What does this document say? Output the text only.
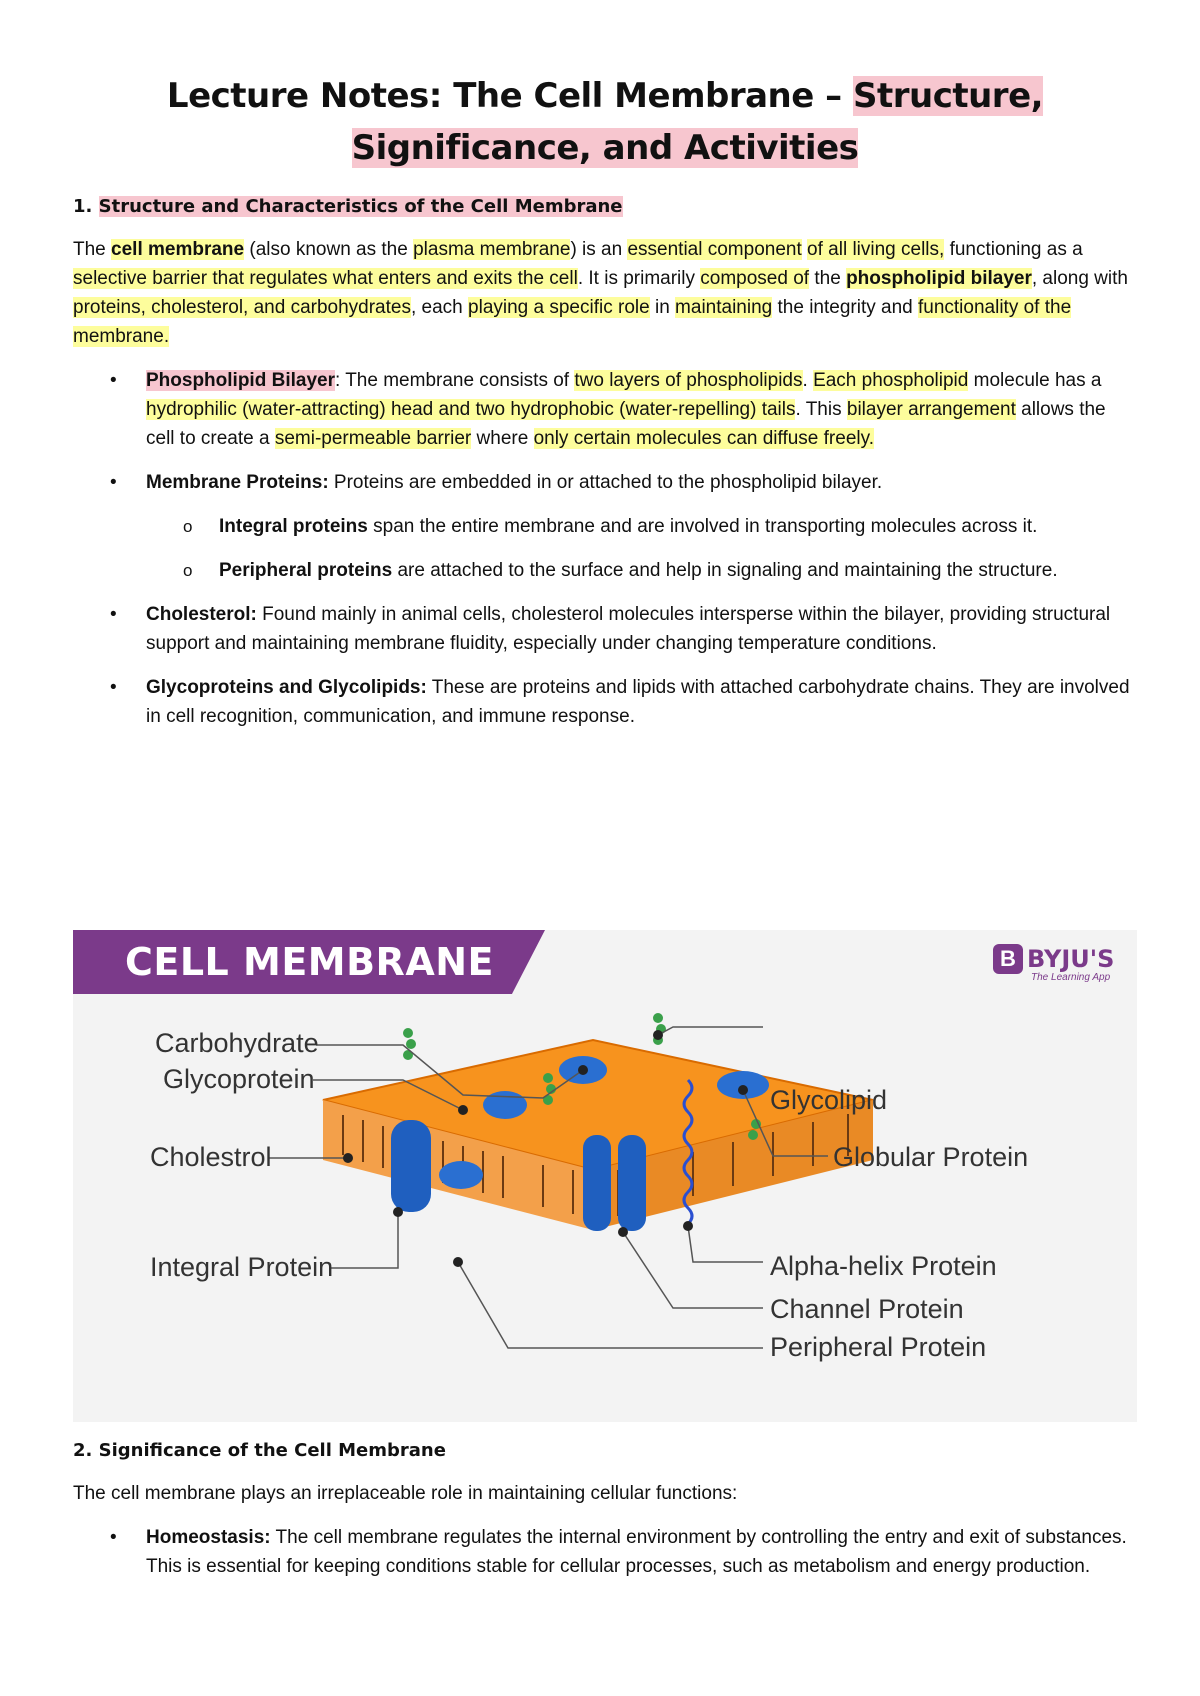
Lecture Notes: The Cell Membrane – Structure,
Significance, and Activities
1. Structure and Characteristics of the Cell Membrane

The cell membrane (also known as the plasma membrane) is an essential component of all living cells, functioning as a selective barrier that regulates what enters and exits the cell. It is primarily composed of the phospholipid bilayer, along with proteins, cholesterol, and carbohydrates, each playing a specific role in maintaining the integrity and functionality of the membrane.

• Phospholipid Bilayer: The membrane consists of two layers of phospholipids. Each phospholipid molecule has a hydrophilic (water-attracting) head and two hydrophobic (water-repelling) tails. This bilayer arrangement allows the cell to create a semi-permeable barrier where only certain molecules can diffuse freely.
• Membrane Proteins: Proteins are embedded in or attached to the phospholipid bilayer.
o Integral proteins span the entire membrane and are involved in transporting molecules across it.
o Peripheral proteins are attached to the surface and help in signaling and maintaining the structure.
• Cholesterol: Found mainly in animal cells, cholesterol molecules intersperse within the bilayer, providing structural support and maintaining membrane fluidity, especially under changing temperature conditions.
• Glycoproteins and Glycolipids: These are proteins and lipids with attached carbohydrate chains. They are involved in cell recognition, communication, and immune response.
CELL MEMBRANE	B BYJU'S
The Learning App
Carbohydrate
Glycoprotein
Cholestrol
Integral Protein
Glycolipid
Globular Protein
Alpha-helix Protein
Channel Protein
Peripheral Protein
2. Significance of the Cell Membrane

The cell membrane plays an irreplaceable role in maintaining cellular functions:

• Homeostasis: The cell membrane regulates the internal environment by controlling the entry and exit of substances. This is essential for keeping conditions stable for cellular processes, such as metabolism and energy production.
